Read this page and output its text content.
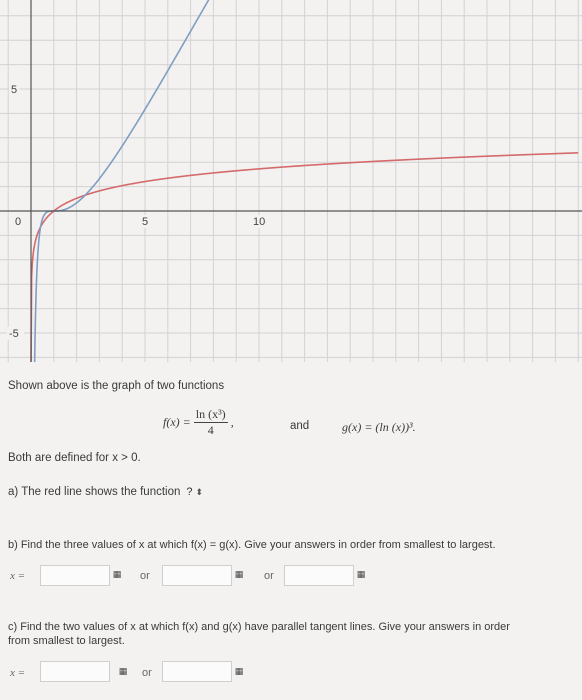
5
-5
0	5	10
Shown above is the graph of two functions
$f(x) = \frac{\text{ln (x³)}}{4}$ ,	and	g(x) = (ln (x))³.
Both are defined for x > 0.
a) The red line shows the function ? ⬍
b) Find the three values of x at which f(x) = g(x). Give your answers in order from smallest to largest.
x =	▦ or	▦ or	▦
c) Find the two values of x at which f(x) and g(x) have parallel tangent lines. Give your answers in order
from smallest to largest.
x =	▦ or	▦
